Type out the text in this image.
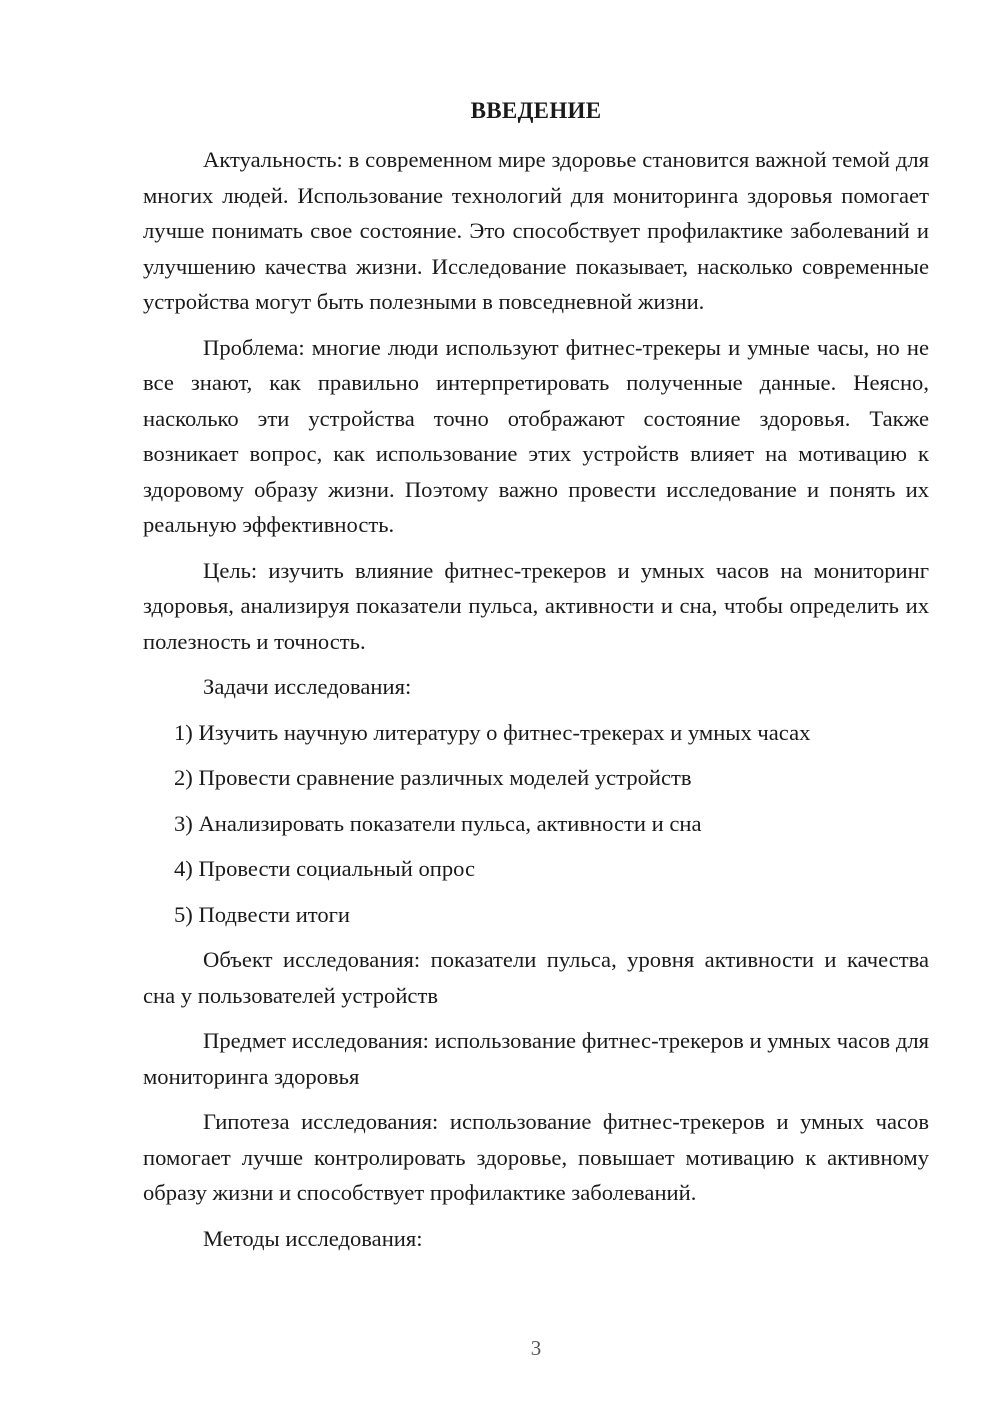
ВВЕДЕНИЕ

Актуальность: в современном мире здоровье становится важной темой для многих людей. Использование технологий для мониторинга здоровья помогает лучше понимать свое состояние. Это способствует профилактике заболеваний и улучшению качества жизни. Исследование показывает, насколько современные устройства могут быть полезными в повседневной жизни.

Проблема: многие люди используют фитнес-трекеры и умные часы, но не все знают, как правильно интерпретировать полученные данные. Неясно, насколько эти устройства точно отображают состояние здоровья. Также возникает вопрос, как использование этих устройств влияет на мотивацию к здоровому образу жизни. Поэтому важно провести исследование и понять их реальную эффективность.

Цель: изучить влияние фитнес-трекеров и умных часов на мониторинг здоровья, анализируя показатели пульса, активности и сна, чтобы определить их полезность и точность.

Задачи исследования:

1) Изучить научную литературу о фитнес-трекерах и умных часах
2) Провести сравнение различных моделей устройств
3) Анализировать показатели пульса, активности и сна
4) Провести социальный опрос
5) Подвести итоги

Объект исследования: показатели пульса, уровня активности и качества сна у пользователей устройств

Предмет исследования: использование фитнес-трекеров и умных часов для мониторинга здоровья

Гипотеза исследования: использование фитнес-трекеров и умных часов помогает лучше контролировать здоровье, повышает мотивацию к активному образу жизни и способствует профилактике заболеваний.

Методы исследования:

3
